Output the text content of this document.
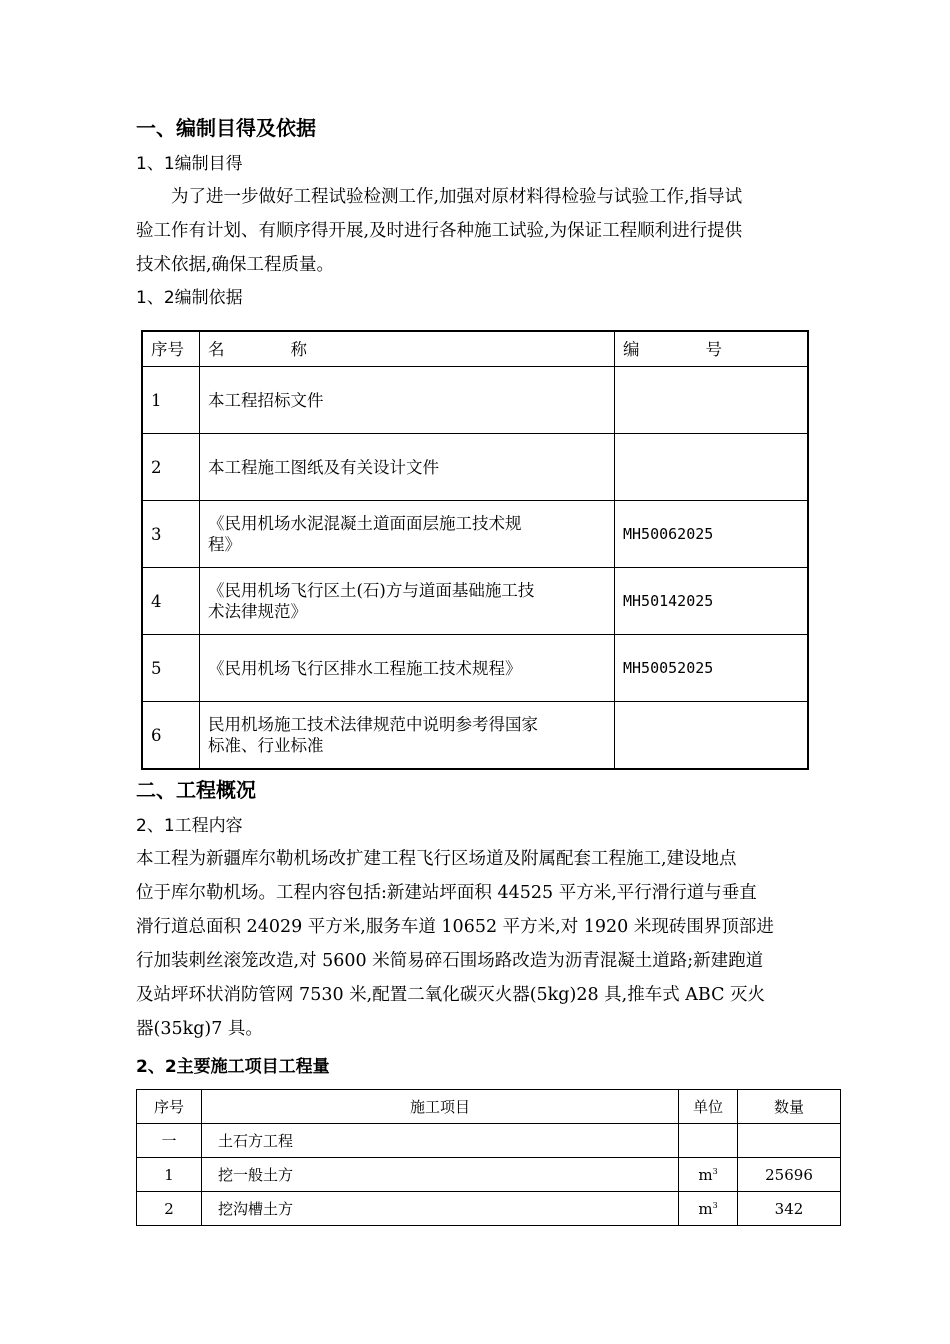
一、编制目得及依据
1、1编制目得
为了进一步做好工程试验检测工作,加强对原材料得检验与试验工作,指导试
验工作有计划、有顺序得开展,及时进行各种施工试验,为保证工程顺利进行提供
技术依据,确保工程质量。
1、2编制依据
序号	名　　　　称	编　　　　号
1	本工程招标文件	

2	本工程施工图纸及有关设计文件	

3	《民用机场水泥混凝土道面面层施工技术规
程》	MH50062025
4	《民用机场飞行区土(石)方与道面基础施工技
术法律规范》	MH50142025
5	《民用机场飞行区排水工程施工技术规程》	MH50052025
6	民用机场施工技术法律规范中说明参考得国家
标准、行业标准	

二、工程概况
2、1工程内容
本工程为新疆库尔勒机场改扩建工程飞行区场道及附属配套工程施工,建设地点
位于库尔勒机场。工程内容包括:新建站坪面积 44525 平方米,平行滑行道与垂直
滑行道总面积 24029 平方米,服务车道 10652 平方米,对 1920 米现砖围界顶部进
行加装刺丝滚笼改造,对 5600 米简易碎石围场路改造为沥青混凝土道路;新建跑道
及站坪环状消防管网 7530 米,配置二氧化碳灭火器(5kg)28 具,推车式 ABC 灭火
器(35kg)7 具。
2、2主要施工项目工程量
序号	施工项目	单位	数量
一	土石方工程		
1	挖一般土方	$m^3$	25696
2	挖沟槽土方	$m^3$	342
